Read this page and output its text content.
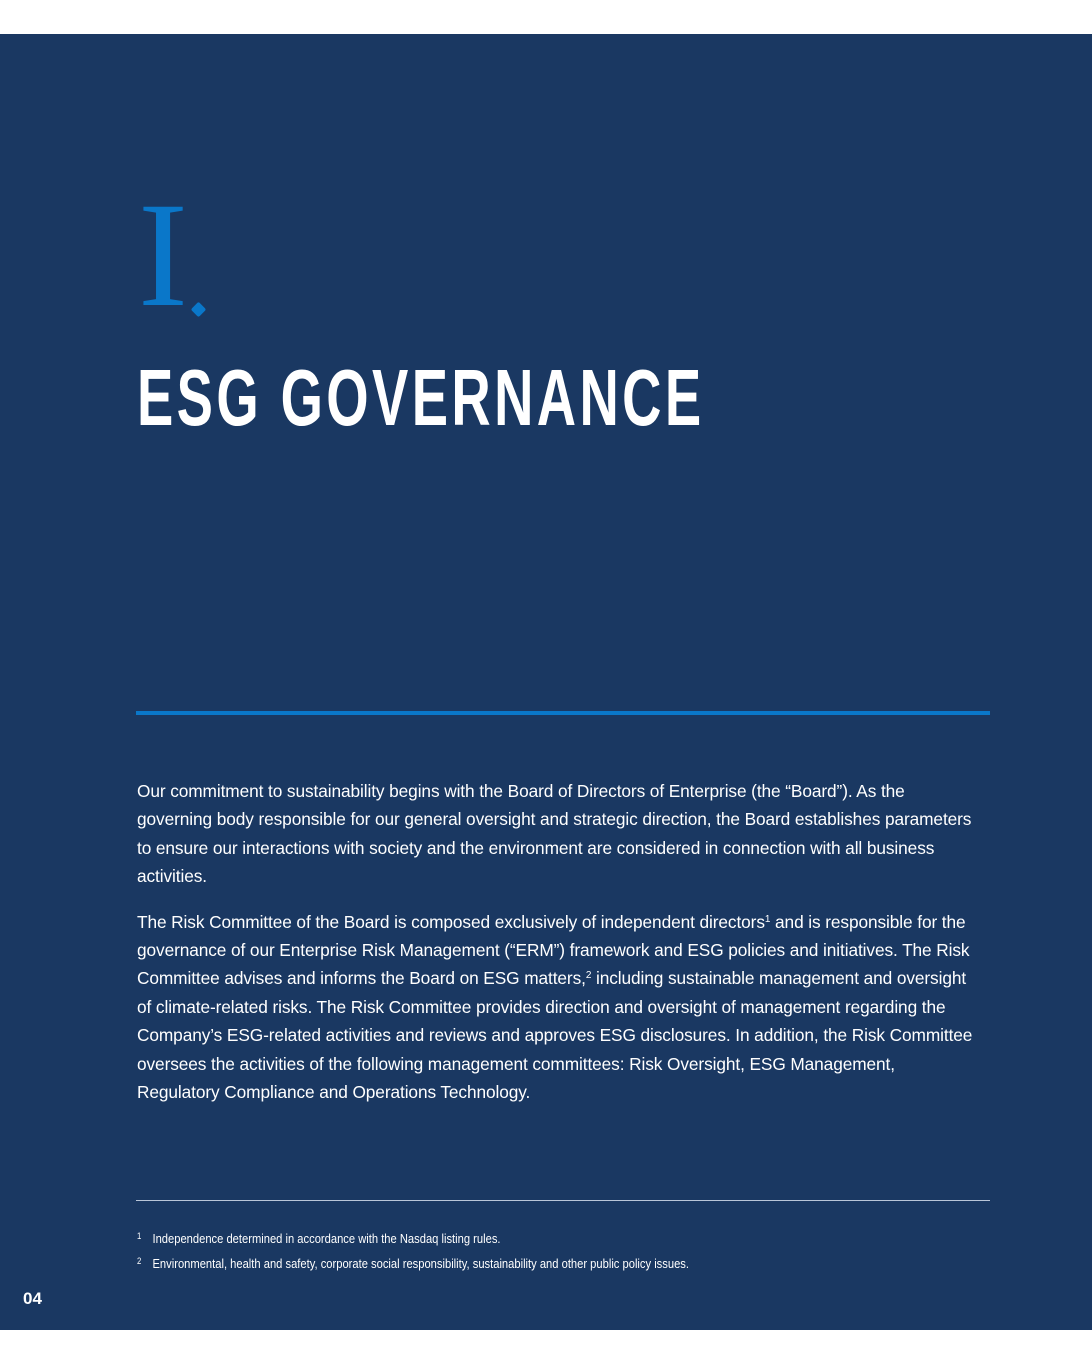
I
ESG GOVERNANCE

Our commitment to sustainability begins with the Board of Directors of Enterprise (the “Board”). As the governing body responsible for our general oversight and strategic direction, the Board establishes parameters to ensure our interactions with society and the environment are considered in connection with all business activities.

The Risk Committee of the Board is composed exclusively of independent directors$^1$ and is responsible for the governance of our Enterprise Risk Management (“ERM”) framework and ESG policies and initiatives. The Risk Committee advises and informs the Board on ESG matters,$^2$ including sustainable management and oversight of climate-related risks. The Risk Committee provides direction and oversight of management regarding the Company’s ESG-related activities and reviews and approves ESG disclosures. In addition, the Risk Committee oversees the activities of the following management committees: Risk Oversight, ESG Management, Regulatory Compliance and Operations Technology.

1 Independence determined in accordance with the Nasdaq listing rules.
2 Environmental, health and safety, corporate social responsibility, sustainability and other public policy issues.
04
